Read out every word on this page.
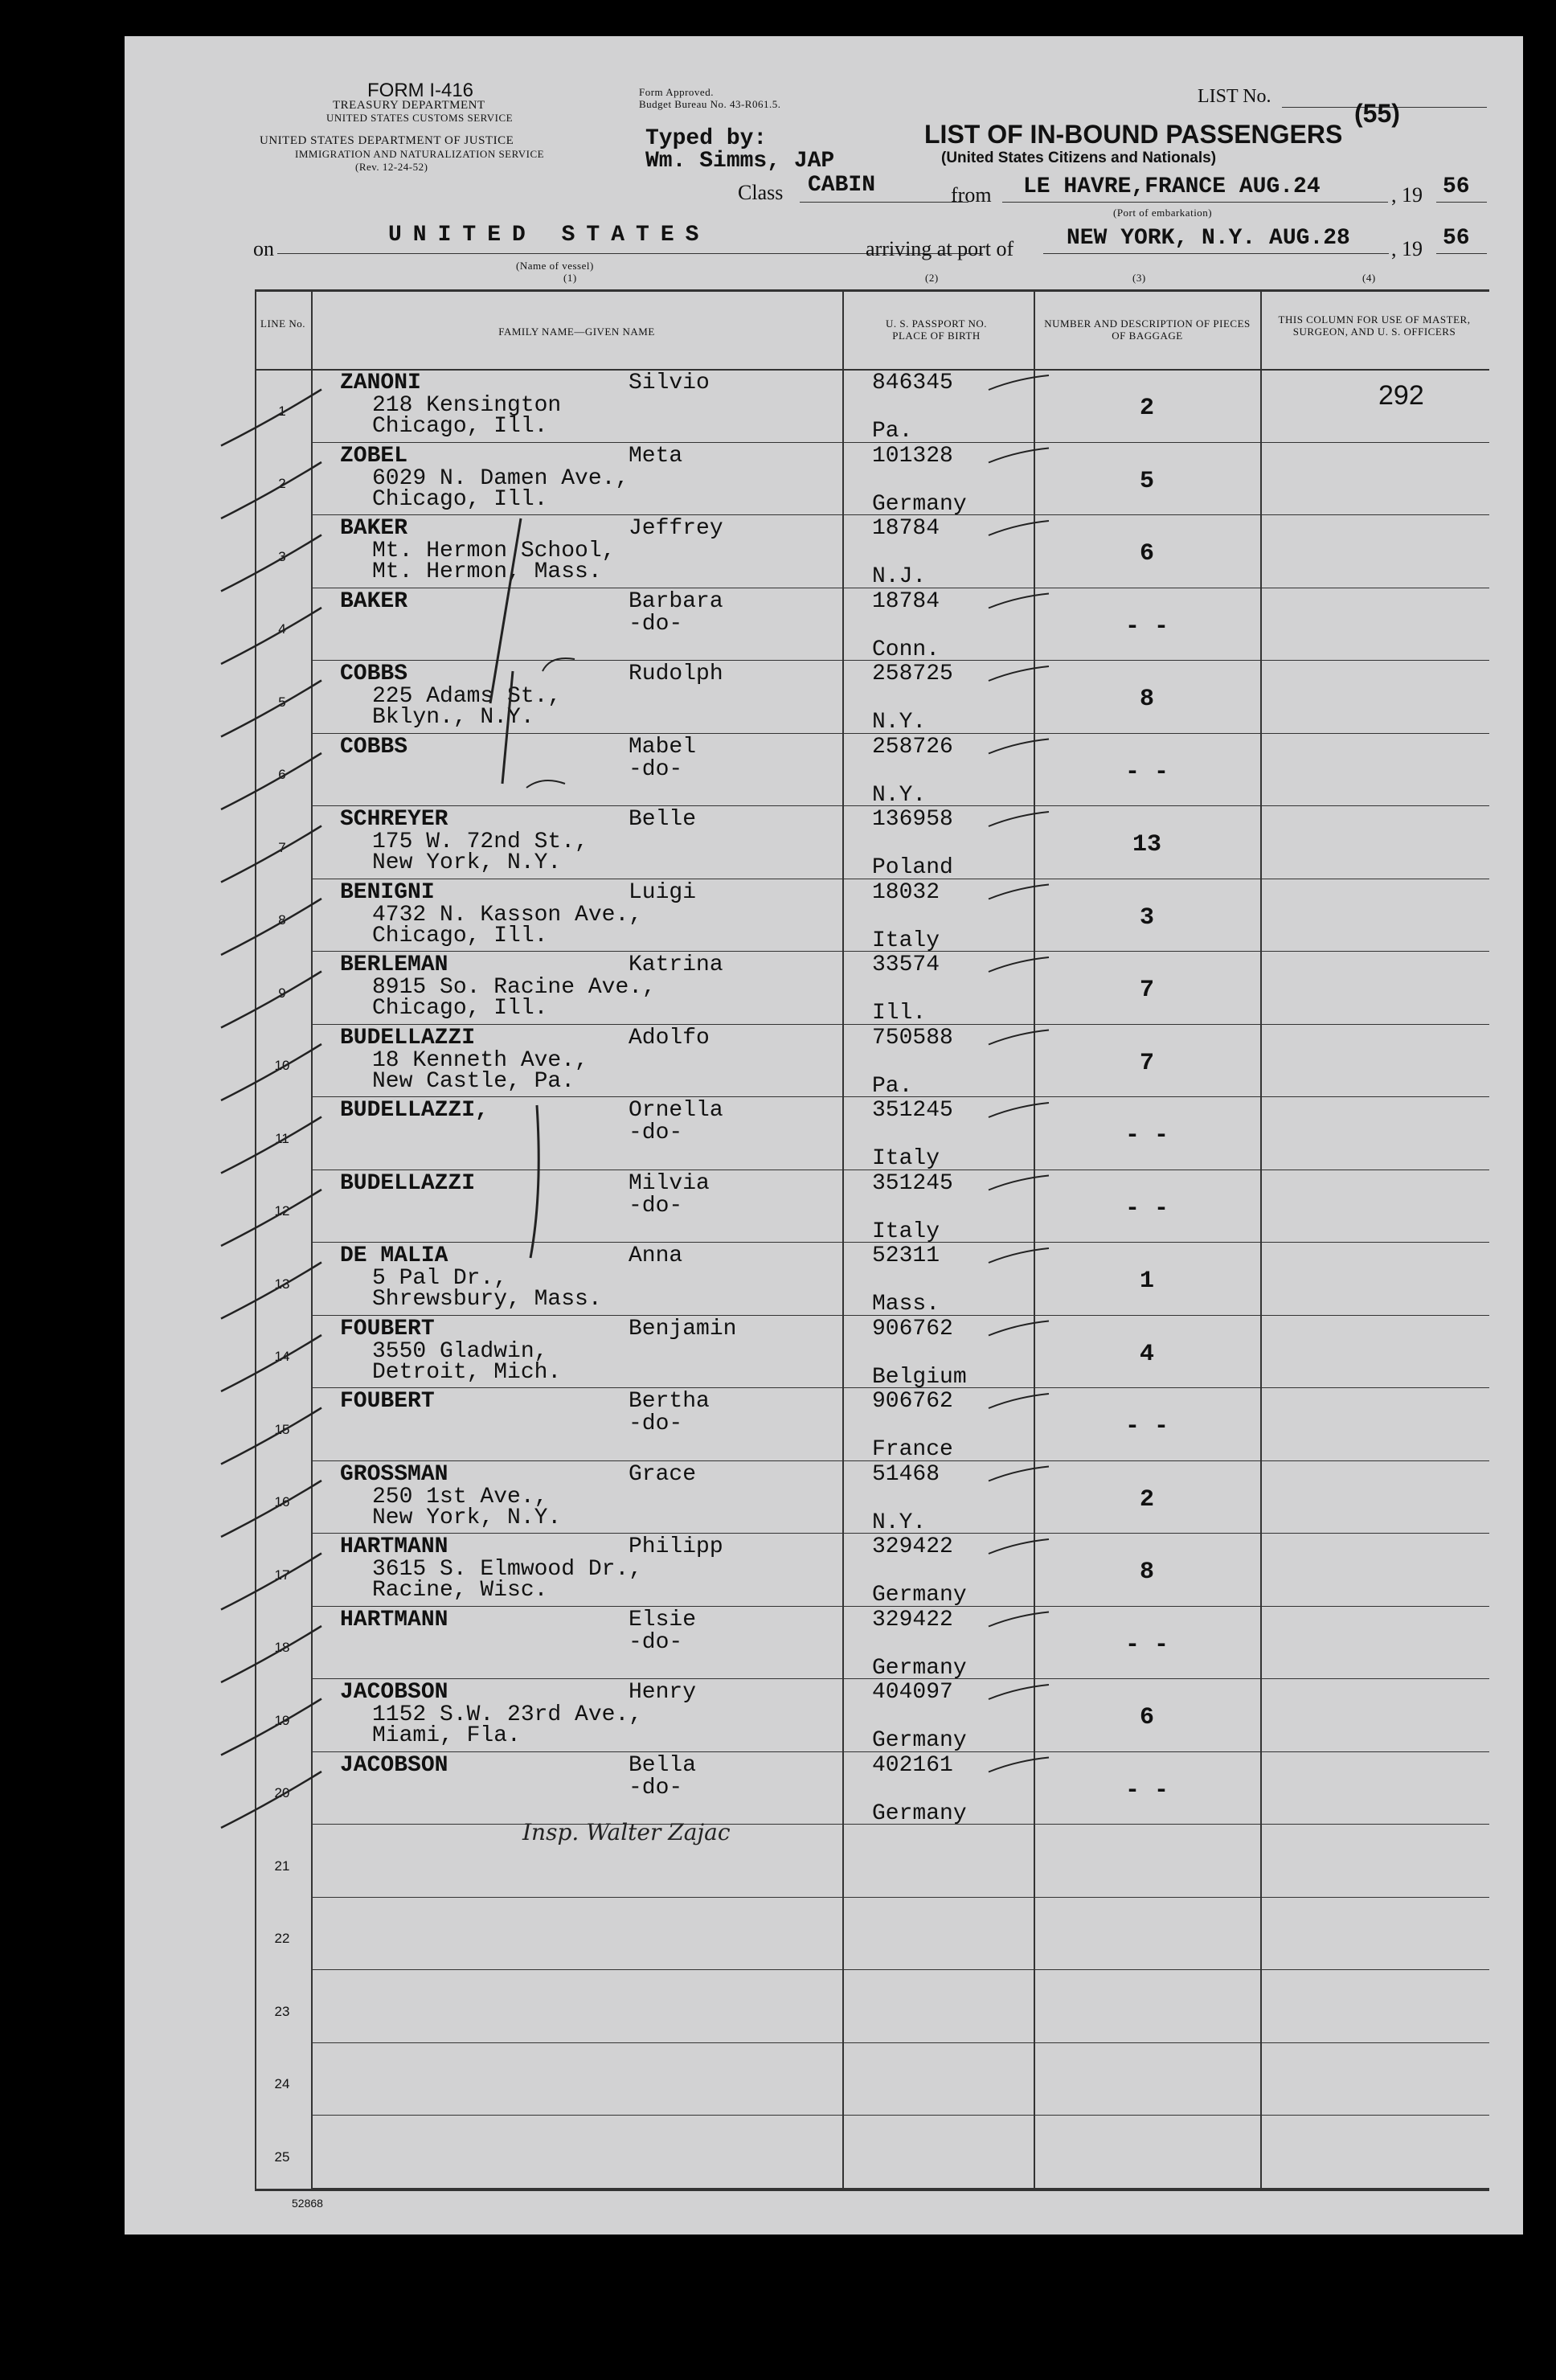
FORM I-416
TREASURY DEPARTMENT
UNITED STATES CUSTOMS SERVICE
UNITED STATES DEPARTMENT OF JUSTICE
IMMIGRATION AND NATURALIZATION SERVICE
(Rev. 12-24-52)
Form Approved.
Budget Bureau No. 43-R061.5.
Typed by:
Wm. Simms, JAP
LIST No.
(55)
LIST OF IN-BOUND PASSENGERS
(United States Citizens and Nationals)
Class CABIN	from LE HAVRE,FRANCE AUG.24	, 19 56
(Port of embarkation)
on
UNITED STATES
arriving at port of NEW YORK, N.Y. AUG.28 , 19 56
(Name of vessel)
(1)	(2)	(3)	(4)
LINE No.
FAMILY NAME—GIVEN NAME
U. S. PASSPORT NO. PLACE OF BIRTH
NUMBER AND DESCRIPTION OF PIECES OF BAGGAGE
THIS COLUMN FOR USE OF MASTER, SURGEON, AND U. S. OFFICERS
1
ZANONI	Silvio
218 Kensington
Chicago, Ill.
846345
Pa.
2	292
2
ZOBEL	Meta
6029 N. Damen Ave.,
Chicago, Ill.
101328
Germany
5
3
BAKER	Jeffrey
Mt. Hermon School,
Mt. Hermon, Mass.
18784
N.J.
6
4
BAKER	Barbara
-do-
18784
Conn.
- -
5
COBBS	Rudolph
225 Adams St.,
Bklyn., N.Y.
258725
N.Y.
8
6
COBBS	Mabel
-do-
258726
N.Y.
- -
7
SCHREYER	Belle
175 W. 72nd St.,
New York, N.Y.
136958
Poland
13
8
BENIGNI	Luigi
4732 N. Kasson Ave.,
Chicago, Ill.
18032
Italy
3
9
BERLEMAN	Katrina
8915 So. Racine Ave.,
Chicago, Ill.
33574
Ill.
7
10
BUDELLAZZI	Adolfo
18 Kenneth Ave.,
New Castle, Pa.
750588
Pa.
7
11
BUDELLAZZI,	Ornella
-do-
351245
Italy
- -
12
BUDELLAZZI	Milvia
-do-
351245
Italy
- -
13
DE MALIA	Anna
5 Pal Dr.,
Shrewsbury, Mass.
52311
Mass.
1
14
FOUBERT	Benjamin
3550 Gladwin,
Detroit, Mich.
906762
Belgium
4
15
FOUBERT	Bertha
-do-
906762
France
- -
16
GROSSMAN	Grace
250 1st Ave.,
New York, N.Y.
51468
N.Y.
2
17
HARTMANN	Philipp
3615 S. Elmwood Dr.,
Racine, Wisc.
329422
Germany
8
18
HARTMANN	Elsie
-do-
329422
Germany
- -
19
JACOBSON	Henry
1152 S.W. 23rd Ave.,
Miami, Fla.
404097
Germany
6
20
JACOBSON	Bella
-do-
402161
Germany
- -
21
22
23
24
25
Insp. Walter Zajac
52868
